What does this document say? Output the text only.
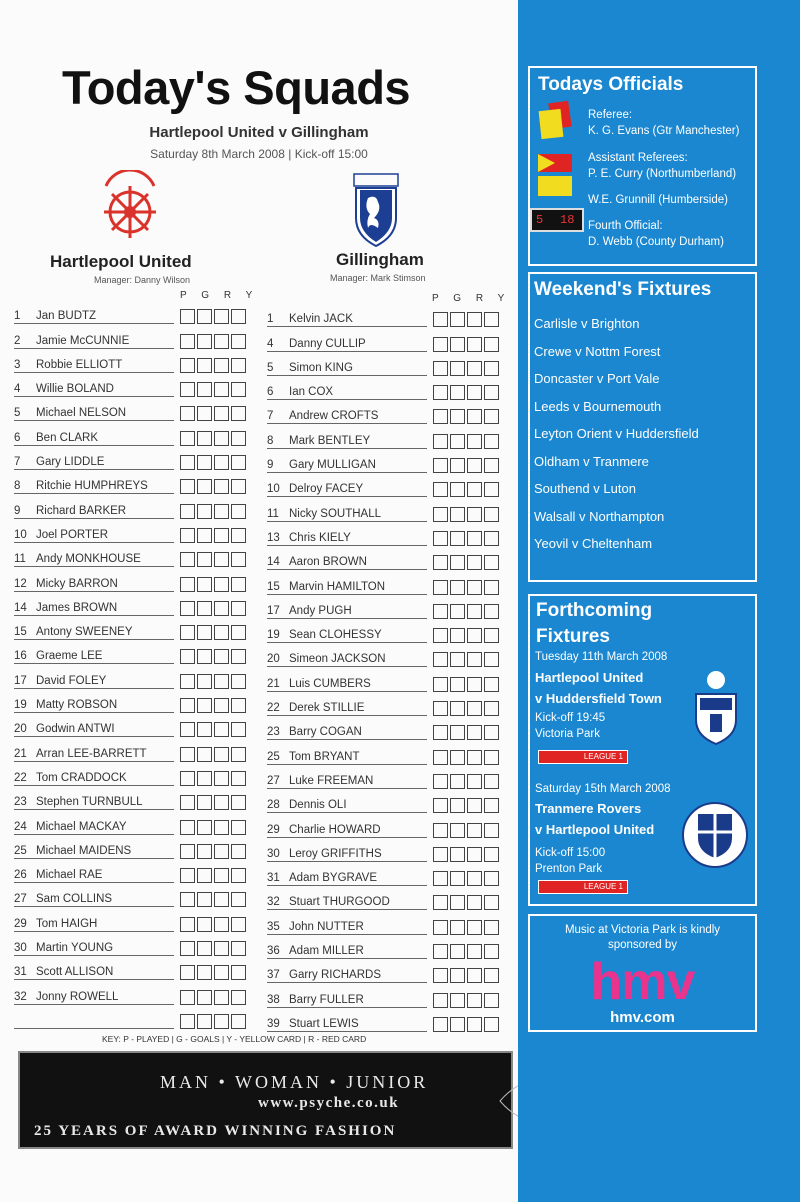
Today's Squads
Hartlepool United v Gillingham
Saturday 8th March 2008 | Kick-off 15:00
Hartlepool United
Manager: Danny Wilson
Gillingham
Manager: Mark Stimson
P G R Y	P G R Y
1	Jan BUDTZ
2	Jamie McCUNNIE
3	Robbie ELLIOTT
4	Willie BOLAND
5	Michael NELSON
6	Ben CLARK
7	Gary LIDDLE
8	Ritchie HUMPHREYS
9	Richard BARKER
10 Joel PORTER
11 Andy MONKHOUSE
12 Micky BARRON
14 James BROWN
15 Antony SWEENEY
16 Graeme LEE
17 David FOLEY
19 Matty ROBSON
20 Godwin ANTWI
21 Arran LEE-BARRETT
22 Tom CRADDOCK
23 Stephen TURNBULL
24 Michael MACKAY
25 Michael MAIDENS
26 Michael RAE
27 Sam COLLINS
29 Tom HAIGH
30 Martin YOUNG
31 Scott ALLISON
32 Jonny ROWELL
1	Kelvin JACK
4	Danny CULLIP
5	Simon KING
6	Ian COX
7	Andrew CROFTS
8	Mark BENTLEY
9	Gary MULLIGAN
10 Delroy FACEY
11 Nicky SOUTHALL
13 Chris KIELY
14 Aaron BROWN
15 Marvin HAMILTON
17 Andy PUGH
19 Sean CLOHESSY
20 Simeon JACKSON
21 Luis CUMBERS
22 Derek STILLIE
23 Barry COGAN
25 Tom BRYANT
27 Luke FREEMAN
28 Dennis OLI
29 Charlie HOWARD
30 Leroy GRIFFITHS
31 Adam BYGRAVE
32 Stuart THURGOOD
35 John NUTTER
36 Adam MILLER
37 Garry RICHARDS
38 Barry FULLER
39 Stuart LEWIS
KEY: P - PLAYED | G - GOALS | Y - YELLOW CARD | R - RED CARD
MAN • WOMAN • JUNIOR
www.psyche.co.uk
25 YEARS OF AWARD WINNING FASHION
Todays Officials
5 18
Referee:
K. G. Evans (Gtr Manchester)
Assistant Referees:
P. E. Curry (Northumberland)
W.E. Grunnill (Humberside)
Fourth Official:
D. Webb (County Durham)
Weekend's Fixtures
Carlisle v Brighton
Crewe v Nottm Forest
Doncaster v Port Vale
Leeds v Bournemouth
Leyton Orient v Huddersfield
Oldham v Tranmere
Southend v Luton
Walsall v Northampton
Yeovil v Cheltenham
Forthcoming
Fixtures
Tuesday 11th March 2008
Hartlepool United
v Huddersfield Town
Kick-off 19:45
Victoria Park
LEAGUE 1
Saturday 15th March 2008
Tranmere Rovers
v Hartlepool United
Kick-off 15:00
Prenton Park
LEAGUE 1
Music at Victoria Park is kindly
sponsored by
hmv
hmv.com
